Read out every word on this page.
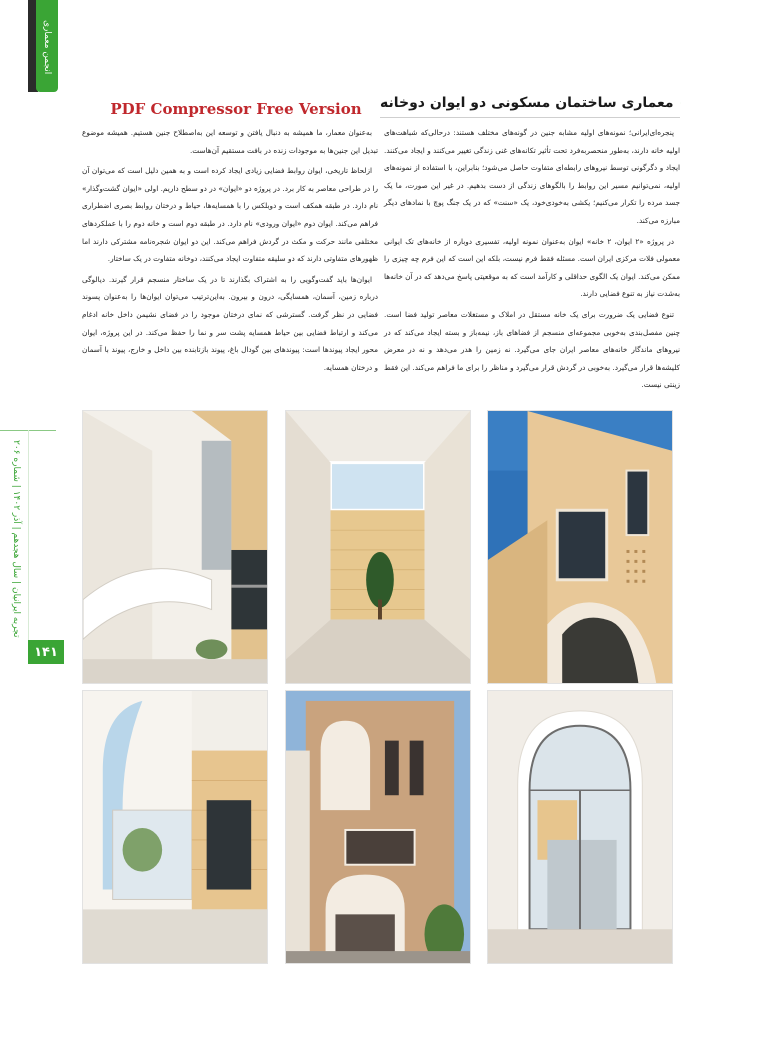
انجمن معماری
تجربه ایرانیان | سال هجدهم | آذر ۱۴۰۲ | شماره ۲۰۶
۱۴۱
PDF Compressor Free Version	معماری ساختمان مسکونی دو ایوان دوخانه

پنجره‌ای‌ایرانی؛ نمونه‌های اولیه مشابه جنین در گونه‌های مختلف هستند: درحالی‌که شباهت‌های اولیه خانه دارند، به‌طور منحصربه‌فرد تحت تأثیر تکانه‌های غنی زندگی تغییر می‌کنند و ایجاد می‌کنند. ایجاد و دگرگونی توسط نیروهای رابطه‌ای متفاوت حاصل می‌شود؛ بنابراین، با استفاده از نمونه‌های اولیه، نمی‌توانیم مسیر این روابط را بالگوهای زندگی از دست بدهیم. در غیر این صورت، ما یک جسد مرده را تکرار می‌کنیم؛ یکشی به‌خودی‌خود، یک «سنت» که در یک جنگ پوچ با نمادهای دیگر مبارزه می‌کند.

در پروژه «۲ ایوان، ۲ خانه» ایوان به‌عنوان نمونه اولیه، تفسیری دوباره از خانه‌های تک ایوانی معمولی فلات مرکزی ایران است. مسئله فقط فرم نیست، بلکه این است که این فرم چه چیزی را ممکن می‌کند. ایوان یک الگوی حداقلی و کارآمد است که به موقعیتی پاسخ می‌دهد که در آن خانه‌ها به‌شدت نیاز به تنوع فضایی دارند.

تنوع فضایی یک ضرورت برای یک خانه مستقل در املاک و مستغلات معاصر تولید فضا است. چنین مفصل‌بندی به‌خوبی مجموعه‌ای منسجم از فضاهای باز، نیمه‌باز و بسته ایجاد می‌کند که در نیروهای ماندگار خانه‌های معاصر ایران جای می‌گیرد. نه زمین را هدر می‌دهد و نه در معرض کلیشه‌ها قرار می‌گیرد. به‌خوبی در گردش قرار می‌گیرد و مناظر را برای ما فراهم می‌کند. این فقط زینتی نیست.

به‌عنوان معمار، ما همیشه به دنبال یافتن و توسعه این به‌اصطلاح جنین هستیم. همیشه موضوع تبدیل این جنین‌ها به موجودات زنده در بافت مستقیم آن‌هاست.

ازلحاظ تاریخی، ایوان روابط فضایی زیادی ایجاد کرده است و به همین دلیل است که می‌توان آن را در طراحی معاصر به کار برد. در پروژه دو «ایوان» در دو سطح داریم. اولی «ایوان گشت‌وگذار» نام دارد. در طبقه همکف است و دوبلکس را با همسایه‌ها، حیاط و درختان روابط بصری اضطراری فراهم می‌کند. ایوان دوم «ایوان ورودی» نام دارد. در طبقه دوم است و خانه دوم را با عملکردهای مختلفی مانند حرکت و مکث در گردش فراهم می‌کند. این دو ایوان شجره‌نامه مشترکی دارند اما ظهورهای متفاوتی دارند که دو سلیقه متفاوت ایجاد می‌کنند، دوخانه متفاوت در یک ساختار.

ایوان‌ها باید گفت‌وگویی را به اشتراک بگذارند تا در یک ساختار منسجم قرار گیرند. دیالوگی درباره زمین، آسمان، همسایگی، درون و بیرون. به‌این‌ترتیب می‌توان ایوان‌ها را به‌عنوان پسوند فضایی در نظر گرفت. گسترشی که نمای درختان موجود را در فضای نشیمن داخل خانه ادغام می‌کند و ارتباط فضایی بین حیاط همسایه پشت سر و نما را حفظ می‌کند. در این پروژه، ایوان محور ایجاد پیوندها است: پیوندهای بین گودال باغ، پیوند بازتابنده بین داخل و خارج، پیوند با آسمان و درختان همسایه.
